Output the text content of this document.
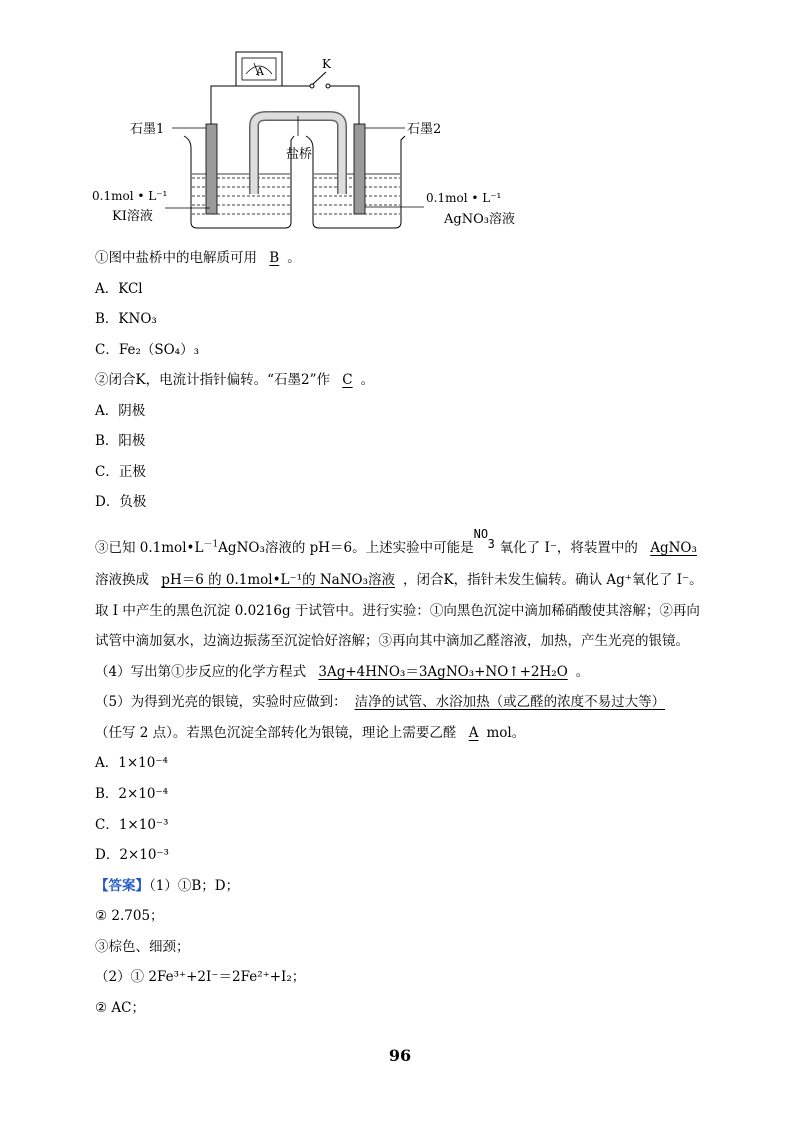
A
K
盐桥
石墨1	石墨2
0.1mol • L⁻¹
KI溶液
0.1mol • L⁻¹
AgNO₃溶液
①图中盐桥中的电解质可用 B 。
A．KCl
B．KNO₃
C．Fe₂（SO₄）₃
②闭合K，电流计指针偏转。“石墨2”作 C 。
A．阴极
B．阳极
C．正极
D．负极
③已知 $0.1mol•L^{-1}AgNO_3$溶液的 pH＝6。上述实验中可能是
NO
3 氧化了 I⁻，将装置中的 AgNO₃
溶液换成 pH＝6 的 0.1mol•L⁻¹的 NaNO₃溶液 ，闭合K，指针未发生偏转。确认 Ag⁺氧化了 I⁻。
取 I 中产生的黑色沉淀 0.0216g 于试管中。进行实验：①向黑色沉淀中滴加稀硝酸使其溶解；②再向
试管中滴加氨水，边滴边振荡至沉淀恰好溶解；③再向其中滴加乙醛溶液，加热，产生光亮的银镜。
（4）写出第①步反应的化学方程式 3Ag+4HNO₃＝3AgNO₃+NO↑+2H₂O 。
（5）为得到光亮的银镜，实验时应做到： 洁净的试管、水浴加热（或乙醛的浓度不易过大等）
（任写 2 点）。若黑色沉淀全部转化为银镜，理论上需要乙醛 A mol。
A．1×10⁻⁴
B．2×10⁻⁴
C．1×10⁻³
D．2×10⁻³
【答案】（1）①B；D；
② 2.705；
③棕色、细颈；
（2）① 2Fe³⁺+2I⁻＝2Fe²⁺+I₂；
② AC；
96
